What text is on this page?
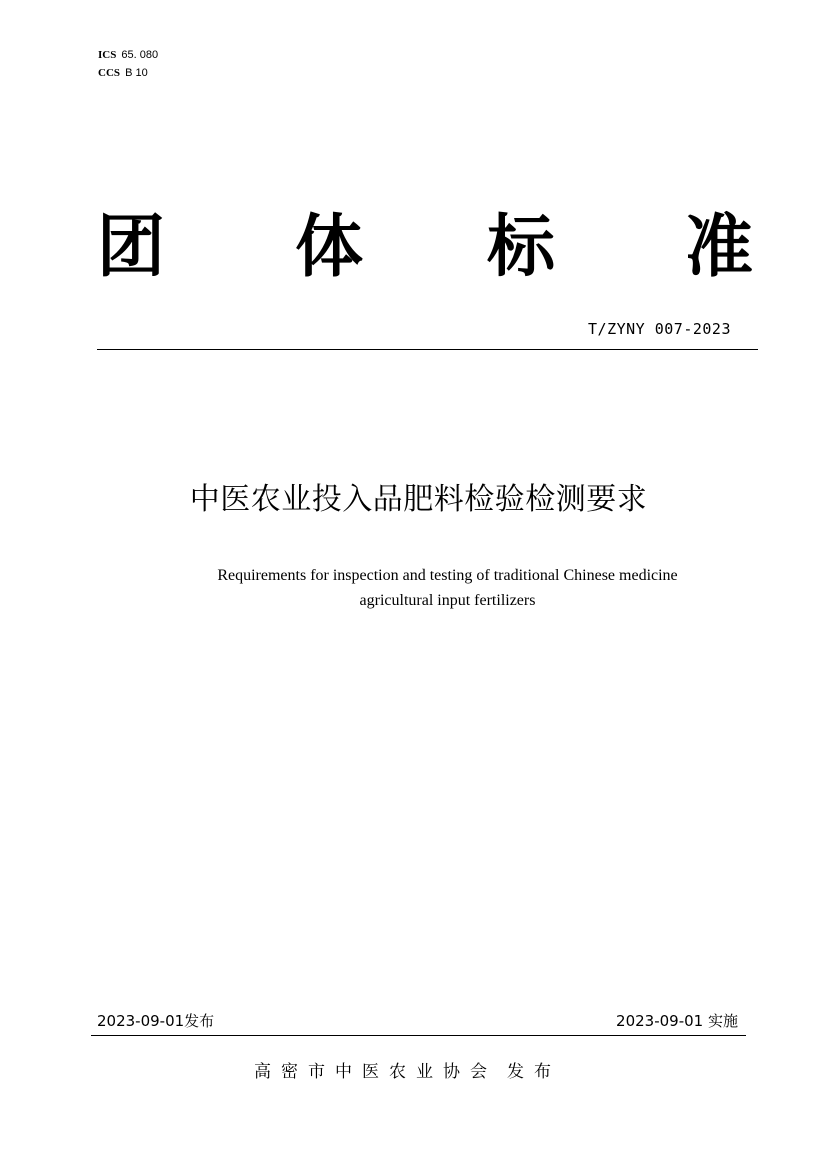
ICS 65. 080
CCS B 10
团 体 标 准
T/ZYNY 007-2023
中医农业投入品肥料检验检测要求
Requirements for inspection and testing of traditional Chinese medicine
agricultural input fertilizers
2023-09-01发布	2023-09-01 实施
高密市中医农业协会 发布
